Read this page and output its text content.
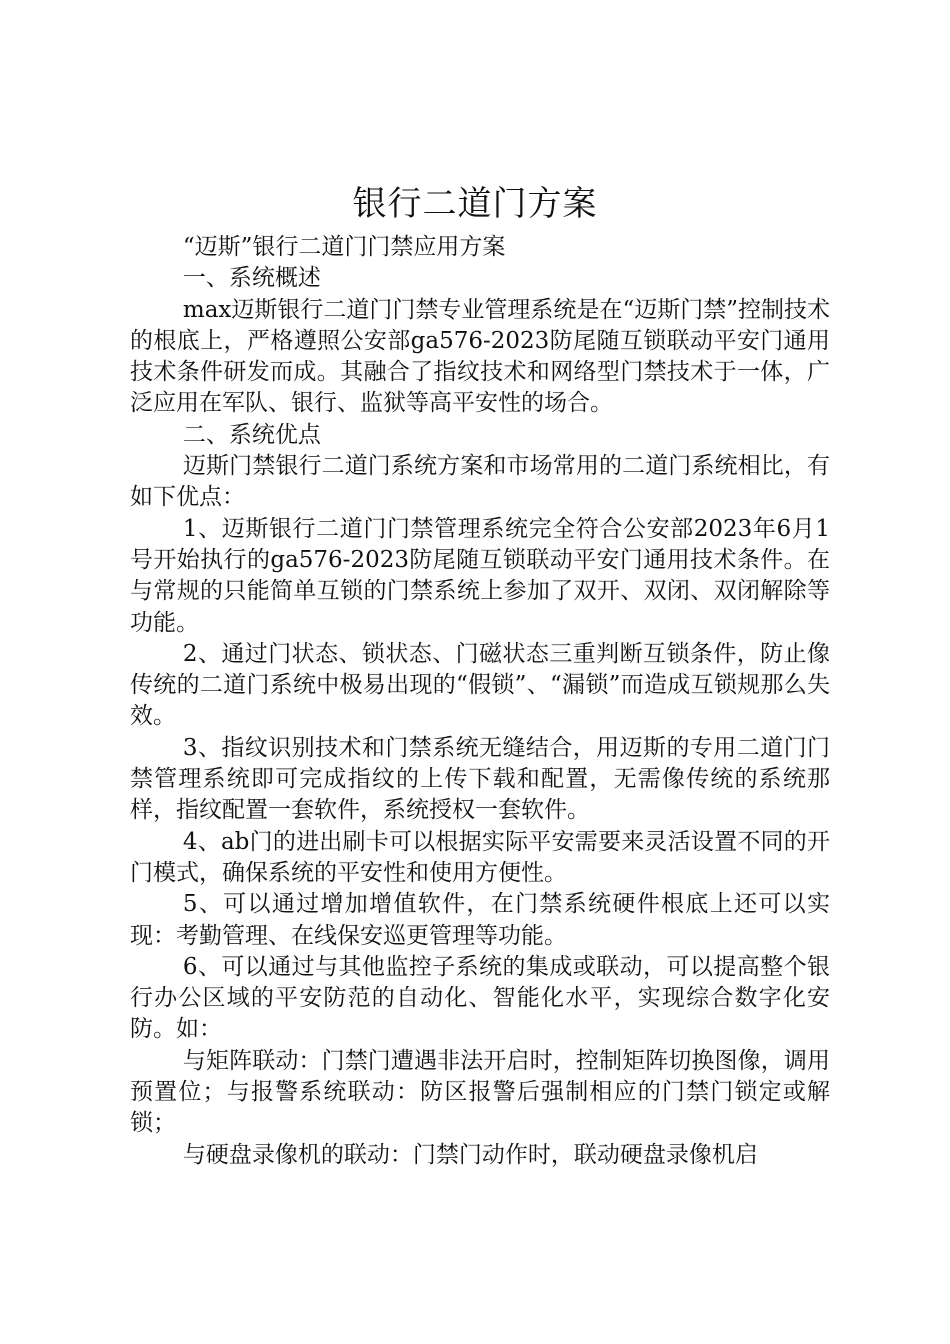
银行二道门方案

“迈斯”银行二道门门禁应用方案

一、系统概述

max迈斯银行二道门门禁专业管理系统是在“迈斯门禁”控制技术的根底上，严格遵照公安部ga576-2023防尾随互锁联动平安门通用技术条件研发而成。其融合了指纹技术和网络型门禁技术于一体，广泛应用在军队、银行、监狱等高平安性的场合。

二、系统优点

迈斯门禁银行二道门系统方案和市场常用的二道门系统相比，有如下优点：

1、迈斯银行二道门门禁管理系统完全符合公安部2023年6月1号开始执行的ga576-2023防尾随互锁联动平安门通用技术条件。在与常规的只能简单互锁的门禁系统上参加了双开、双闭、双闭解除等功能。

2、通过门状态、锁状态、门磁状态三重判断互锁条件，防止像传统的二道门系统中极易出现的“假锁”、“漏锁”而造成互锁规那么失效。

3、指纹识别技术和门禁系统无缝结合，用迈斯的专用二道门门禁管理系统即可完成指纹的上传下载和配置，无需像传统的系统那样，指纹配置一套软件，系统授权一套软件。

4、ab门的进出刷卡可以根据实际平安需要来灵活设置不同的开门模式，确保系统的平安性和使用方便性。

5、可以通过增加增值软件，在门禁系统硬件根底上还可以实现：考勤管理、在线保安巡更管理等功能。

6、可以通过与其他监控子系统的集成或联动，可以提高整个银行办公区域的平安防范的自动化、智能化水平，实现综合数字化安防。如：

与矩阵联动：门禁门遭遇非法开启时，控制矩阵切换图像，调用预置位；与报警系统联动：防区报警后强制相应的门禁门锁定或解锁；

与硬盘录像机的联动：门禁门动作时，联动硬盘录像机启
